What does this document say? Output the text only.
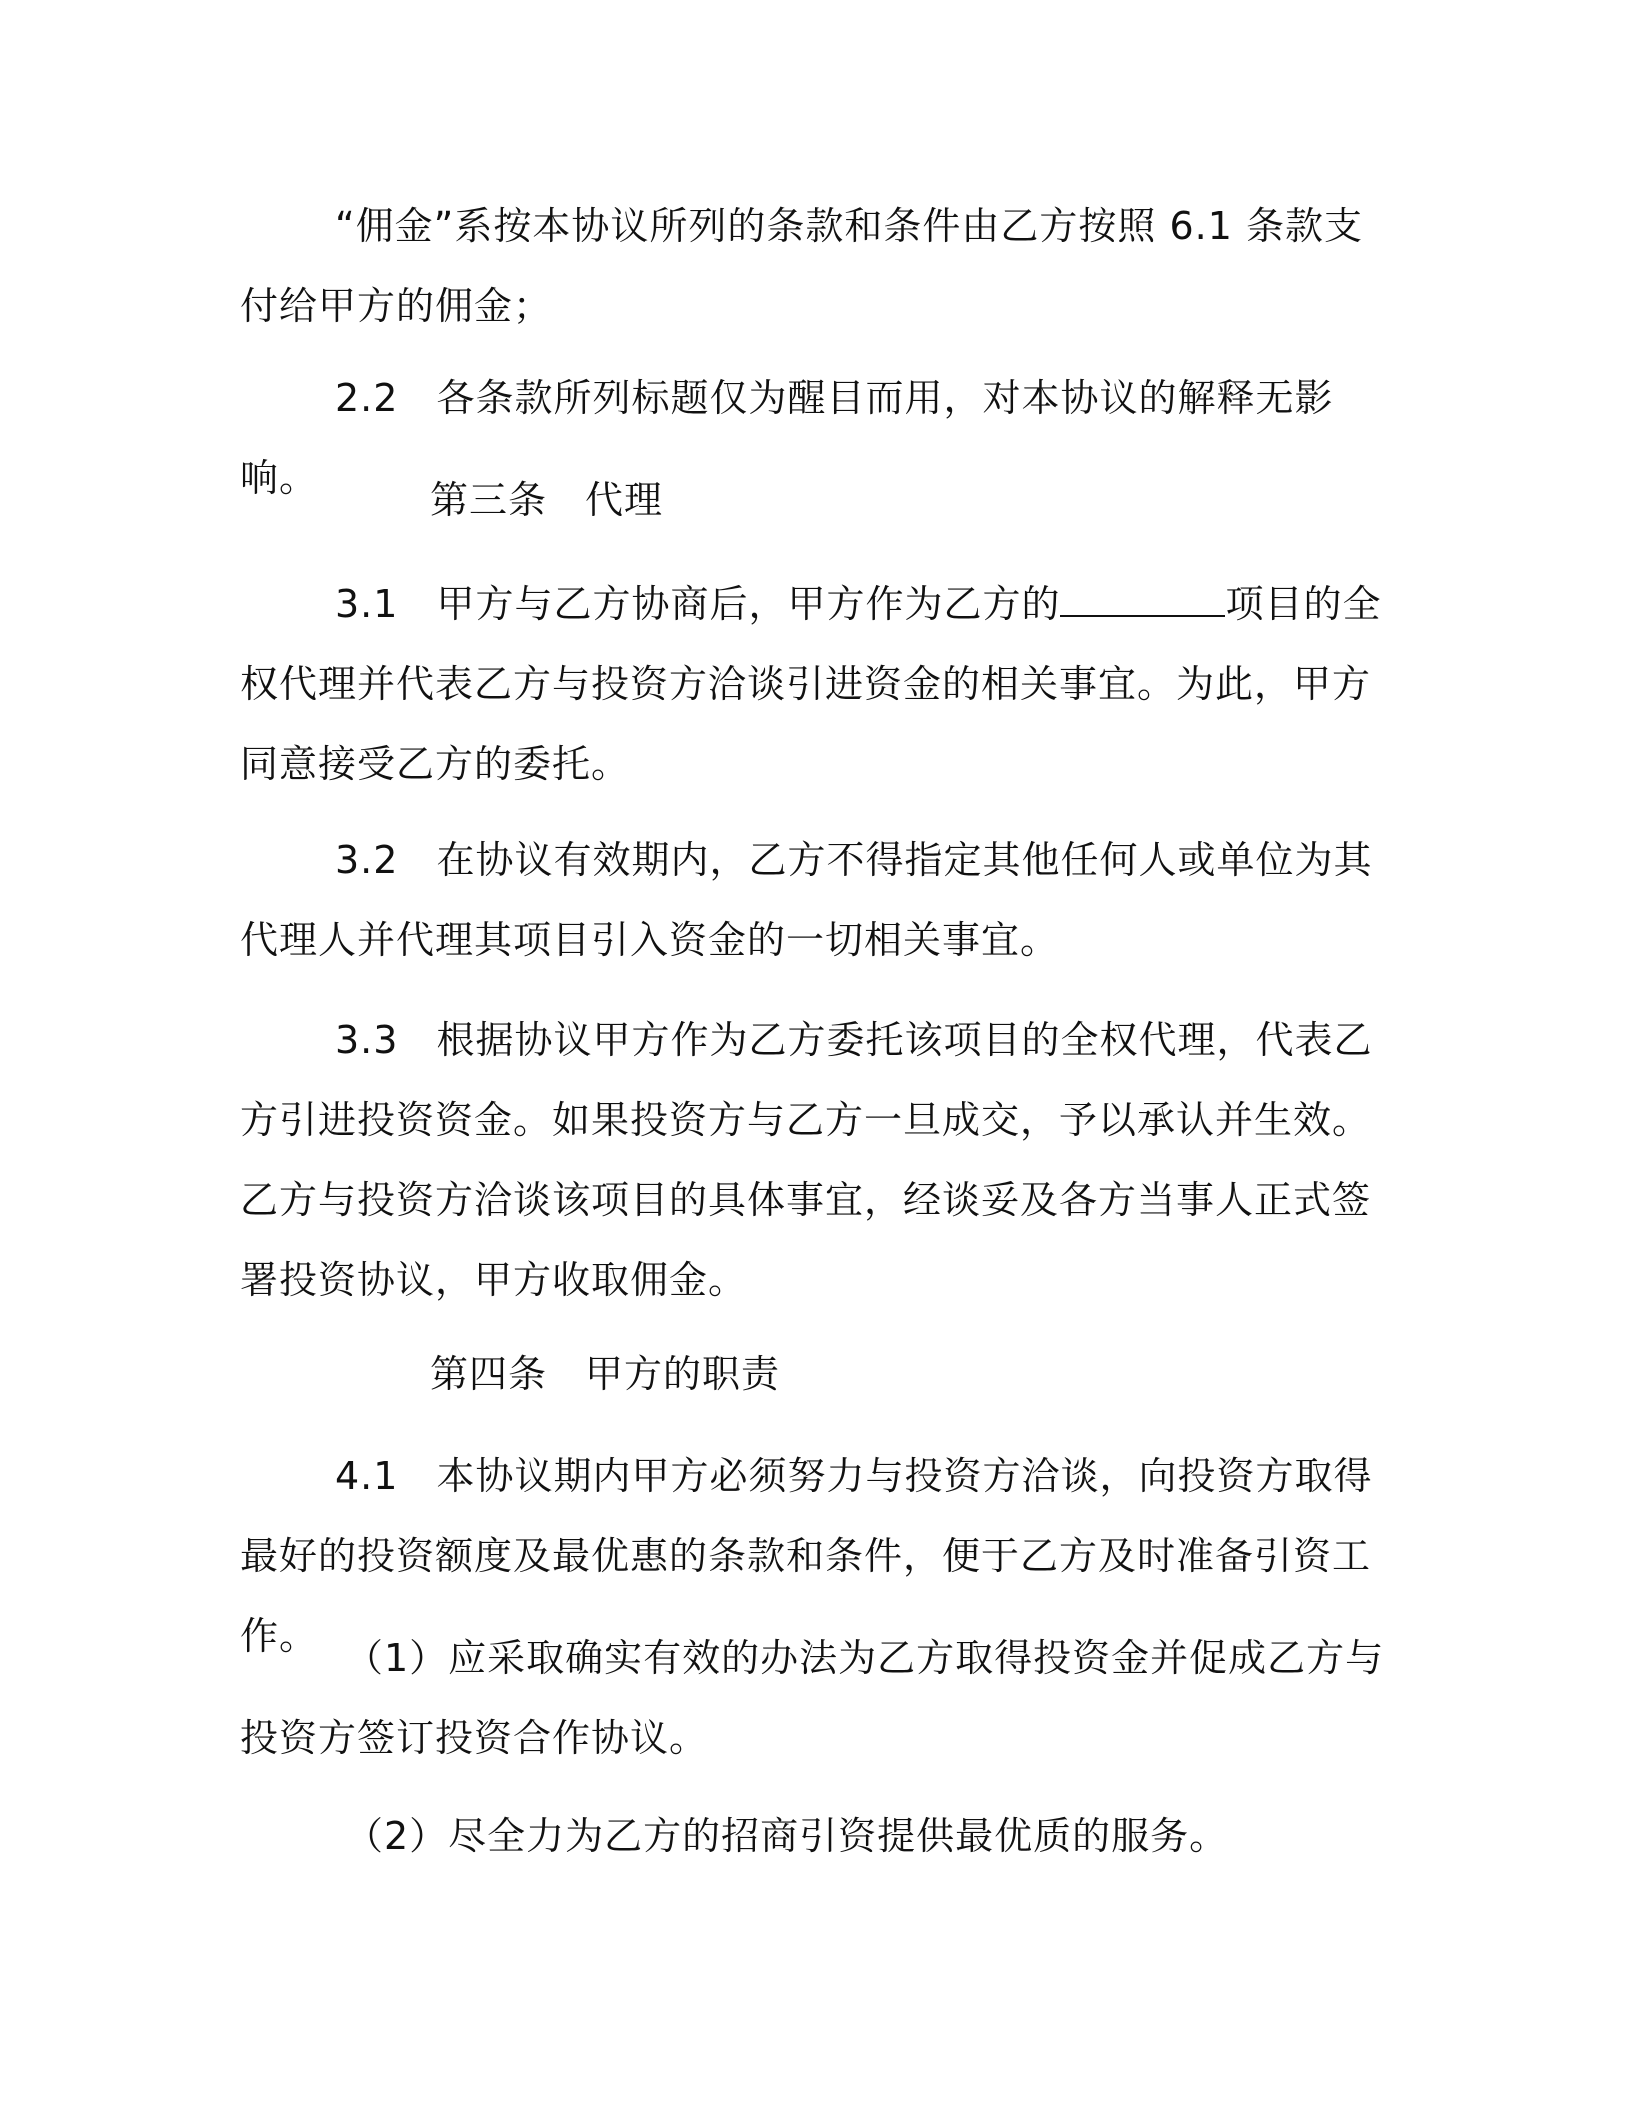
“佣金”系按本协议所列的条款和条件由乙方按照 6.1 条款支付给甲方的佣金；

2.2 各条款所列标题仅为醒目而用，对本协议的解释无影响。	第三条 代理

3.1 甲方与乙方协商后，甲方作为乙方的	项目的全权代理并代表乙方与投资方洽谈引进资金的相关事宜。为此，甲方同意接受乙方的委托。

3.2 在协议有效期内，乙方不得指定其他任何人或单位为其代理人并代理其项目引入资金的一切相关事宜。

3.3 根据协议甲方作为乙方委托该项目的全权代理，代表乙方引进投资资金。如果投资方与乙方一旦成交，予以承认并生效。乙方与投资方洽谈该项目的具体事宜，经谈妥及各方当事人正式签署投资协议，甲方收取佣金。

第四条 甲方的职责

4.1 本协议期内甲方必须努力与投资方洽谈，向投资方取得最好的投资额度及最优惠的条款和条件，便于乙方及时准备引资工作。 （1）应采取确实有效的办法为乙方取得投资金并促成乙方与投资方签订投资合作协议。

（2）尽全力为乙方的招商引资提供最优质的服务。
